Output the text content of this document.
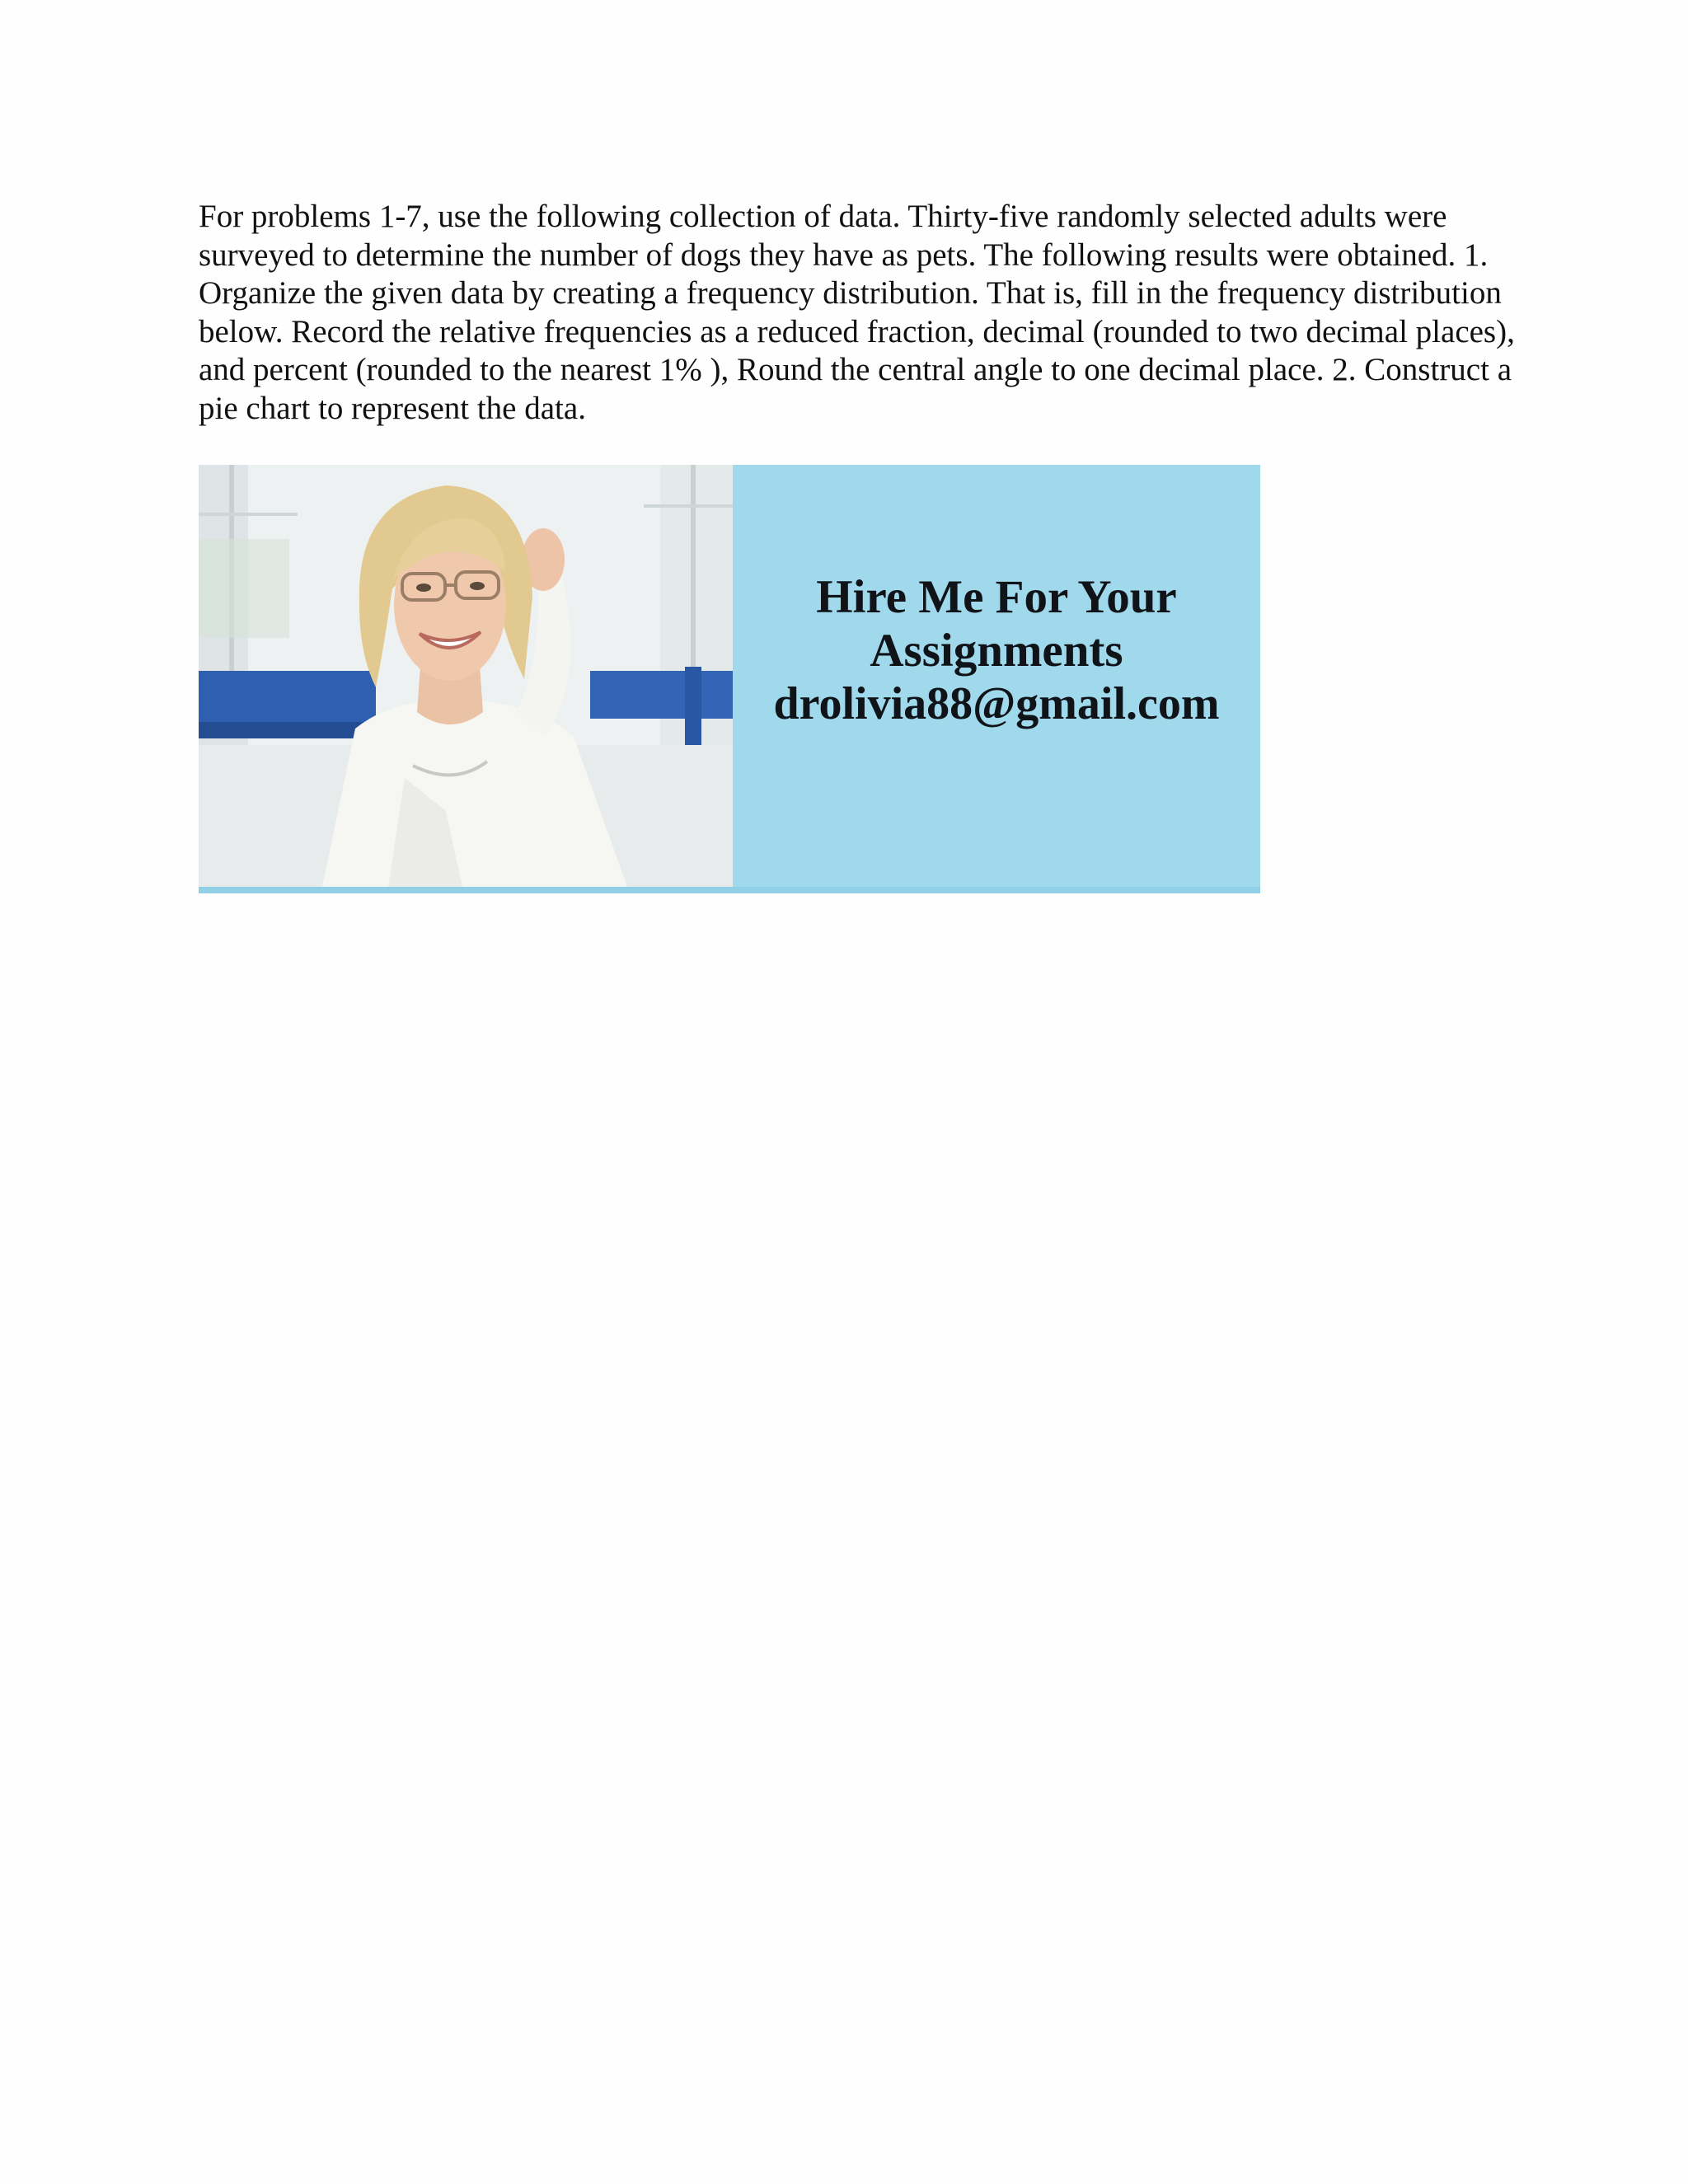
For problems 1-7, use the following collection of data. Thirty-five randomly selected adults were surveyed to determine the number of dogs they have as pets. The following results were obtained. 1. Organize the given data by creating a frequency distribution. That is, fill in the frequency distribution below. Record the relative frequencies as a reduced fraction, decimal (rounded to two decimal places), and percent (rounded to the nearest 1% ), Round the central angle to one decimal place. 2. Construct a pie chart to represent the data.

Hire Me For Your
Assignments
drolivia88@gmail.com
